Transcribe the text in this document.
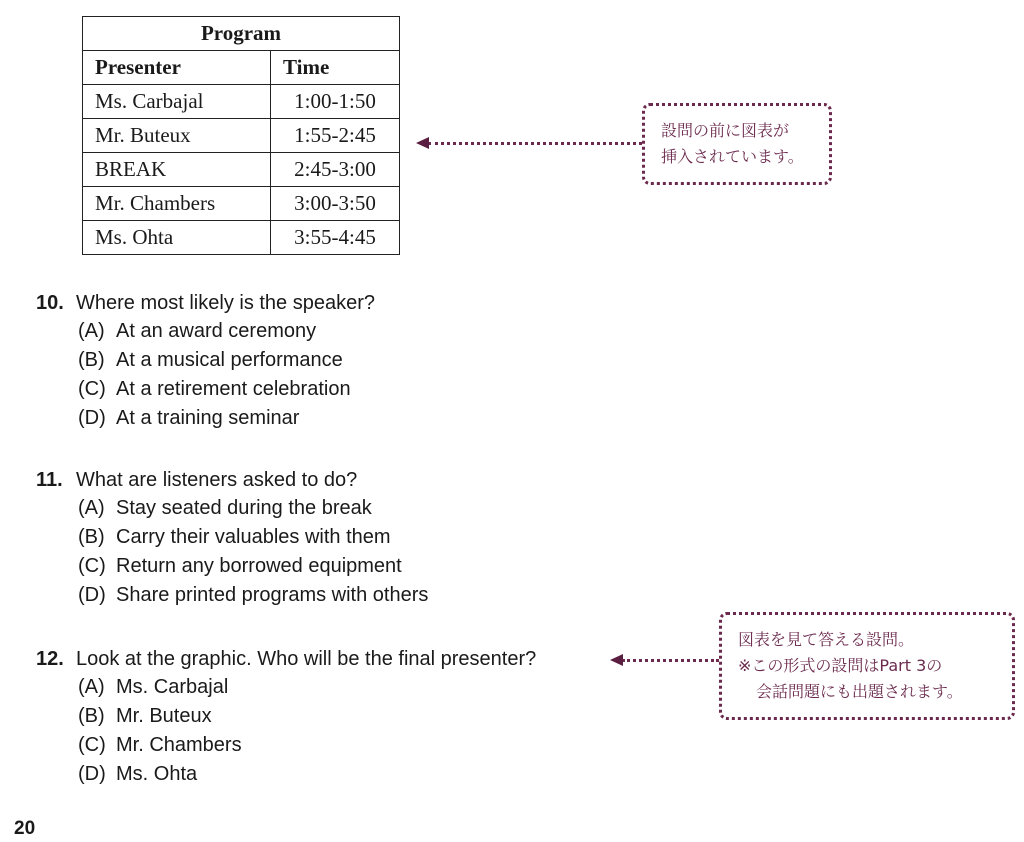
Program	
Presenter	Time
Ms. Carbajal	1:00-1:50
Mr. Buteux	1:55-2:45
BREAK	2:45-3:00
Mr. Chambers	3:00-3:50
Ms. Ohta	3:55-4:45
設問の前に図表が
挿入されています。
10. Where most likely is the speaker?
(A) At an award ceremony
(B) At a musical performance
(C) At a retirement celebration
(D) At a training seminar
11. What are listeners asked to do?
(A) Stay seated during the break
(B) Carry their valuables with them
(C) Return any borrowed equipment
(D) Share printed programs with others
12. Look at the graphic. Who will be the final presenter?
(A) Ms. Carbajal
(B) Mr. Buteux
(C) Mr. Chambers
(D) Ms. Ohta
図表を見て答える設問。
※この形式の設問はPart 3の
会話問題にも出題されます。
20
